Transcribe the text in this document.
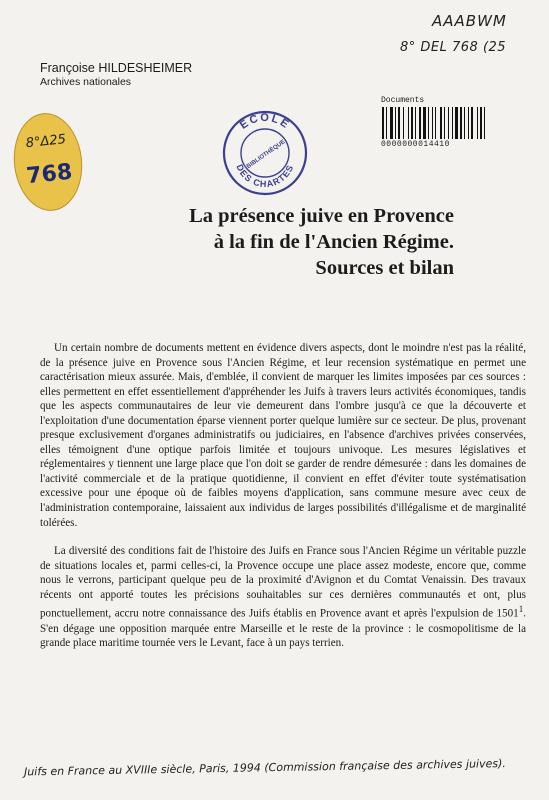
AAABWM
8° DEL 768 (25
Françoise HILDESHEIMER
Archives nationales
Documents
0000000014410
8°Δ25
768
ECOLE
DES CHARTES
BIBLIOTHÈQUE
La présence juive en Provence
à la fin de l'Ancien Régime.
Sources et bilan

Un certain nombre de documents mettent en évidence divers aspects, dont le moindre n'est pas la réalité, de la présence juive en Provence sous l'Ancien Régime, et leur recension systématique en permet une caractérisation mieux assurée. Mais, d'emblée, il convient de marquer les limites imposées par ces sources : elles permettent en effet essentiellement d'appréhender les Juifs à travers leurs activités économiques, tandis que les aspects communautaires de leur vie demeurent dans l'ombre jusqu'à ce que la découverte et l'exploitation d'une documentation éparse viennent porter quelque lumière sur ce secteur. De plus, provenant presque exclusivement d'organes administratifs ou judiciaires, en l'absence d'archives privées conservées, elles témoignent d'une optique parfois limitée et toujours univoque. Les mesures législatives et réglementaires y tiennent une large place que l'on doit se garder de rendre démesurée : dans les domaines de l'activité commerciale et de la pratique quotidienne, il convient en effet d'éviter toute systématisation excessive pour une époque où de faibles moyens d'application, sans commune mesure avec ceux de l'administration contemporaine, laissaient aux individus de larges possibilités d'illégalisme et de marginalité tolérées.

La diversité des conditions fait de l'histoire des Juifs en France sous l'Ancien Régime un véritable puzzle de situations locales et, parmi celles-ci, la Provence occupe une place assez modeste, encore que, comme nous le verrons, participant quelque peu de la proximité d'Avignon et du Comtat Venaissin. Des travaux récents ont apporté toutes les précisions souhaitables sur ces dernières communautés et ont, plus ponctuellement, accru notre connaissance des Juifs établis en Provence avant et après l'expulsion de 1501$^1$. S'en dégage une opposition marquée entre Marseille et le reste de la province : le cosmopolitisme de la grande place maritime tournée vers le Levant, face à un pays terrien.

Juifs en France au XVIIIe siècle, Paris, 1994 (Commission française des archives juives).
